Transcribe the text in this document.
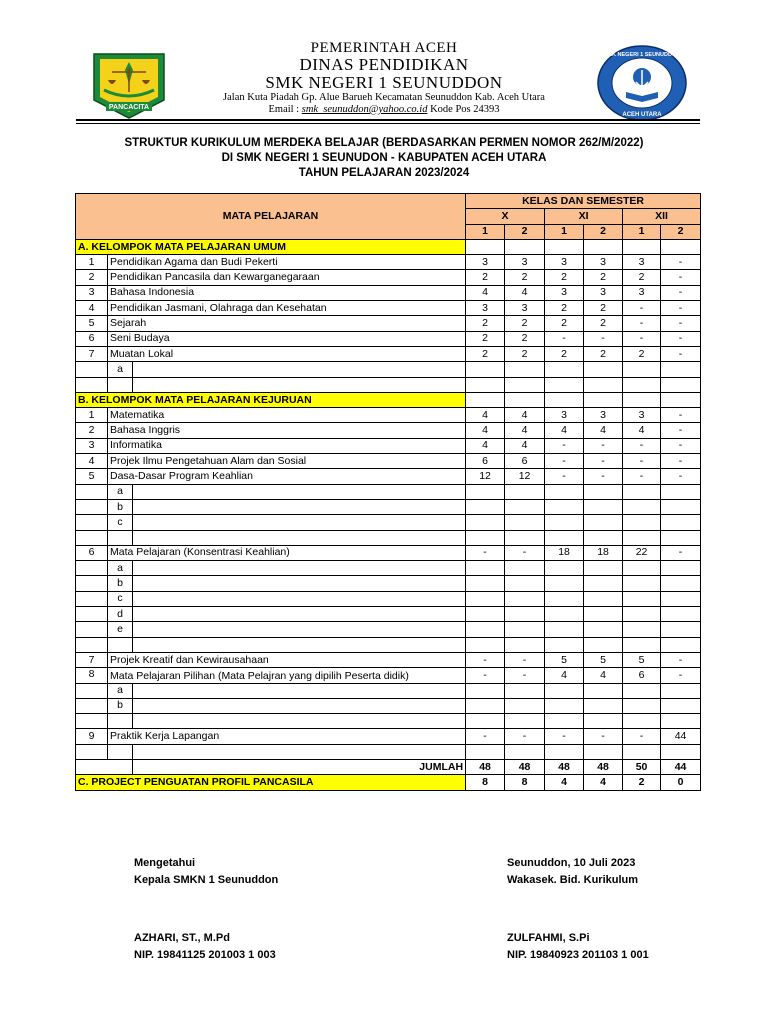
PANCACITA
PEMERINTAH ACEH
DINAS PENDIDIKAN
SMK NEGERI 1 SEUNUDDON
Jalan Kuta Piadah Gp. Alue Barueh Kecamatan Seunuddon Kab. Aceh Utara
Email : smk_seunuddon@yahoo.co.id Kode Pos 24393
SMK NEGERI 1 SEUNUDDON
ACEH UTARA
STRUKTUR KURIKULUM MERDEKA BELAJAR (BERDASARKAN PERMEN NOMOR 262/M/2022)
DI SMK NEGERI 1 SEUNUDON - KABUPATEN ACEH UTARA
TAHUN PELAJARAN 2023/2024
MATA PELAJARAN			KELAS DAN SEMESTER					
			X		XI		XII	
			1	2	1	2	1	2
A. KELOMPOK MATA PELAJARAN UMUM								
1	Pendidikan Agama dan Budi Pekerti		3	3	3	3	3	-
2	Pendidikan Pancasila dan Kewarganegaraan		2	2	2	2	2	-
3	Bahasa Indonesia		4	4	3	3	3	-
4	Pendidikan Jasmani, Olahraga dan Kesehatan		3	3	2	2	-	-
5	Sejarah		2	2	2	2	-	-
6	Seni Budaya		2	2	-	-	-	-
7	Muatan Lokal		2	2	2	2	2	-
	a							

B. KELOMPOK MATA PELAJARAN KEJURUAN								
1	Matematika		4	4	3	3	3	-
2	Bahasa Inggris		4	4	4	4	4	-
3	Informatika		4	4	-	-	-	-
4	Projek Ilmu Pengetahuan Alam dan Sosial		6	6	-	-	-	-
5	Dasa-Dasar Program Keahlian		12	12	-	-	-	-
	a							
	b							
	c							

6	Mata Pelajaran (Konsentrasi Keahlian)		-	-	18	18	22	-
	a							
	b							
	c							
	d							
	e							

7	Projek Kreatif dan Kewirausahaan		-	-	5	5	5	-
8	Mata Pelajaran Pilihan (Mata Pelajran yang dipilih Peserta didik)		-	-	4	4	6	-
	a							
	b							

9	Praktik Kerja Lapangan		-	-	-	-	-	44

		JUMLAH	48	48	48	48	50	44
C. PROJECT PENGUATAN PROFIL PANCASILA			8	8	4	4	2	0
Mengetahui
Kepala SMKN 1 Seunuddon
AZHARI, ST., M.Pd
NIP. 19841125 201003 1 003
Seunuddon, 10 Juli 2023
Wakasek. Bid. Kurikulum
ZULFAHMI, S.Pi
NIP. 19840923 201103 1 001
